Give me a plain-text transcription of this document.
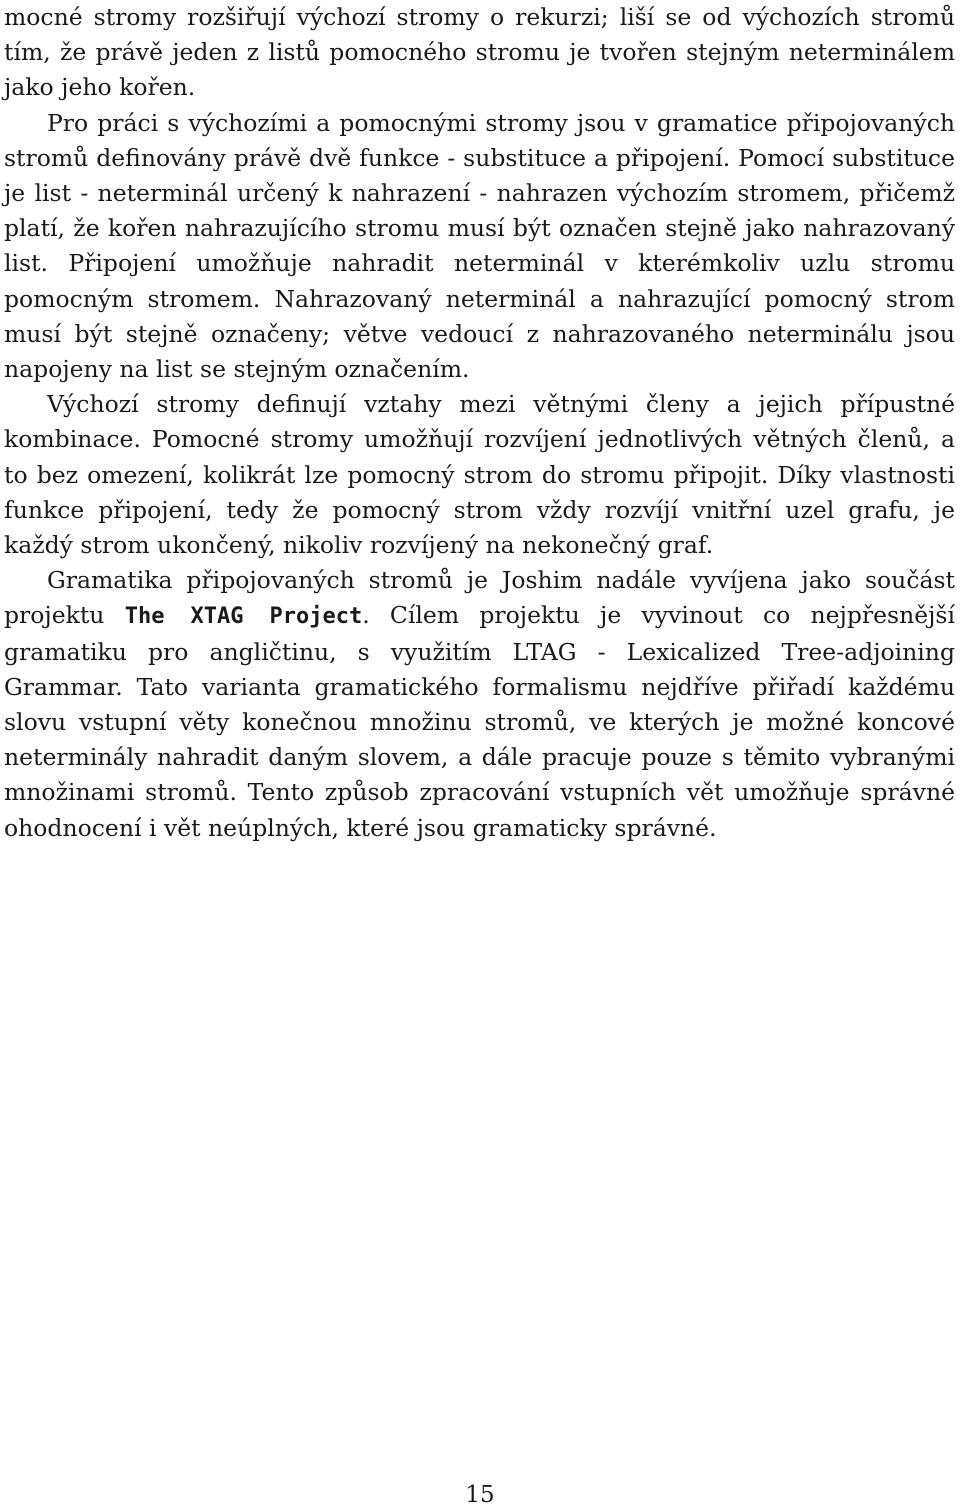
mocné stromy rozšiřují výchozí stromy o rekurzi; liší se od výchozích stromů tím, že právě jeden z listů pomocného stromu je tvořen stejným neterminálem jako jeho kořen.

Pro práci s výchozími a pomocnými stromy jsou v gramatice připojovaných stromů definovány právě dvě funkce - substituce a připojení. Pomocí substituce je list - neterminál určený k nahrazení - nahrazen výchozím stromem, přičemž platí, že kořen nahrazujícího stromu musí být označen stejně jako nahrazovaný list. Připojení umožňuje nahradit neterminál v kterémkoliv uzlu stromu pomocným stromem. Nahrazovaný neterminál a nahrazující pomocný strom musí být stejně označeny; větve vedoucí z nahrazovaného neterminálu jsou napojeny na list se stejným označením.

Výchozí stromy definují vztahy mezi větnými členy a jejich přípustné kombinace. Pomocné stromy umožňují rozvíjení jednotlivých větných členů, a to bez omezení, kolikrát lze pomocný strom do stromu připojit. Díky vlastnosti funkce připojení, tedy že pomocný strom vždy rozvíjí vnitřní uzel grafu, je každý strom ukončený, nikoliv rozvíjený na nekonečný graf.

Gramatika připojovaných stromů je Joshim nadále vyvíjena jako součást projektu The XTAG Project. Cílem projektu je vyvinout co nejpřesnější gramatiku pro angličtinu, s využitím LTAG - Lexicalized Tree-adjoining Grammar. Tato varianta gramatického formalismu nejdříve přiřadí každému slovu vstupní věty konečnou množinu stromů, ve kterých je možné koncové neterminály nahradit daným slovem, a dále pracuje pouze s těmito vybranými množinami stromů. Tento způsob zpracování vstupních vět umožňuje správné ohodnocení i vět neúplných, které jsou gramaticky správné.

15
